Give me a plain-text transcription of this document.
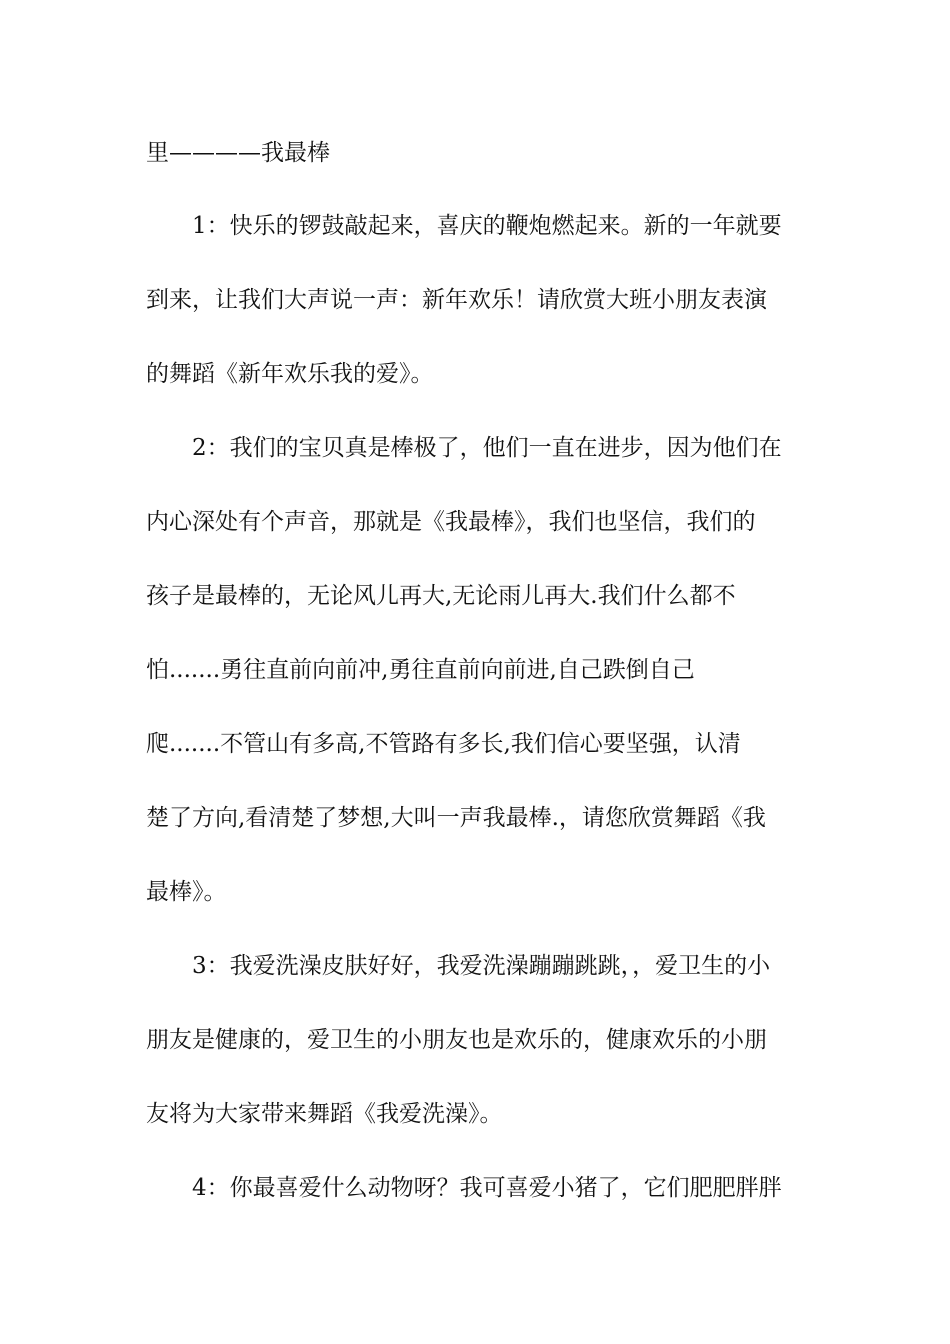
里————我最棒

　　1：快乐的锣鼓敲起来，喜庆的鞭炮燃起来。新的一年就要

到来，让我们大声说一声：新年欢乐！请欣赏大班小朋友表演

的舞蹈《新年欢乐我的爱》。

　　2：我们的宝贝真是棒极了，他们一直在进步，因为他们在

内心深处有个声音，那就是《我最棒》，我们也坚信，我们的

孩子是最棒的，无论风儿再大,无论雨儿再大.我们什么都不

怕.......勇往直前向前冲,勇往直前向前进,自己跌倒自己

爬.......不管山有多高,不管路有多长,我们信心要坚强，认清

楚了方向,看清楚了梦想,大叫一声我最棒.，请您欣赏舞蹈《我

最棒》。

　　3：我爱洗澡皮肤好好，我爱洗澡蹦蹦跳跳，，爱卫生的小

朋友是健康的，爱卫生的小朋友也是欢乐的，健康欢乐的小朋

友将为大家带来舞蹈《我爱洗澡》。

　　4：你最喜爱什么动物呀？我可喜爱小猪了，它们肥肥胖胖
